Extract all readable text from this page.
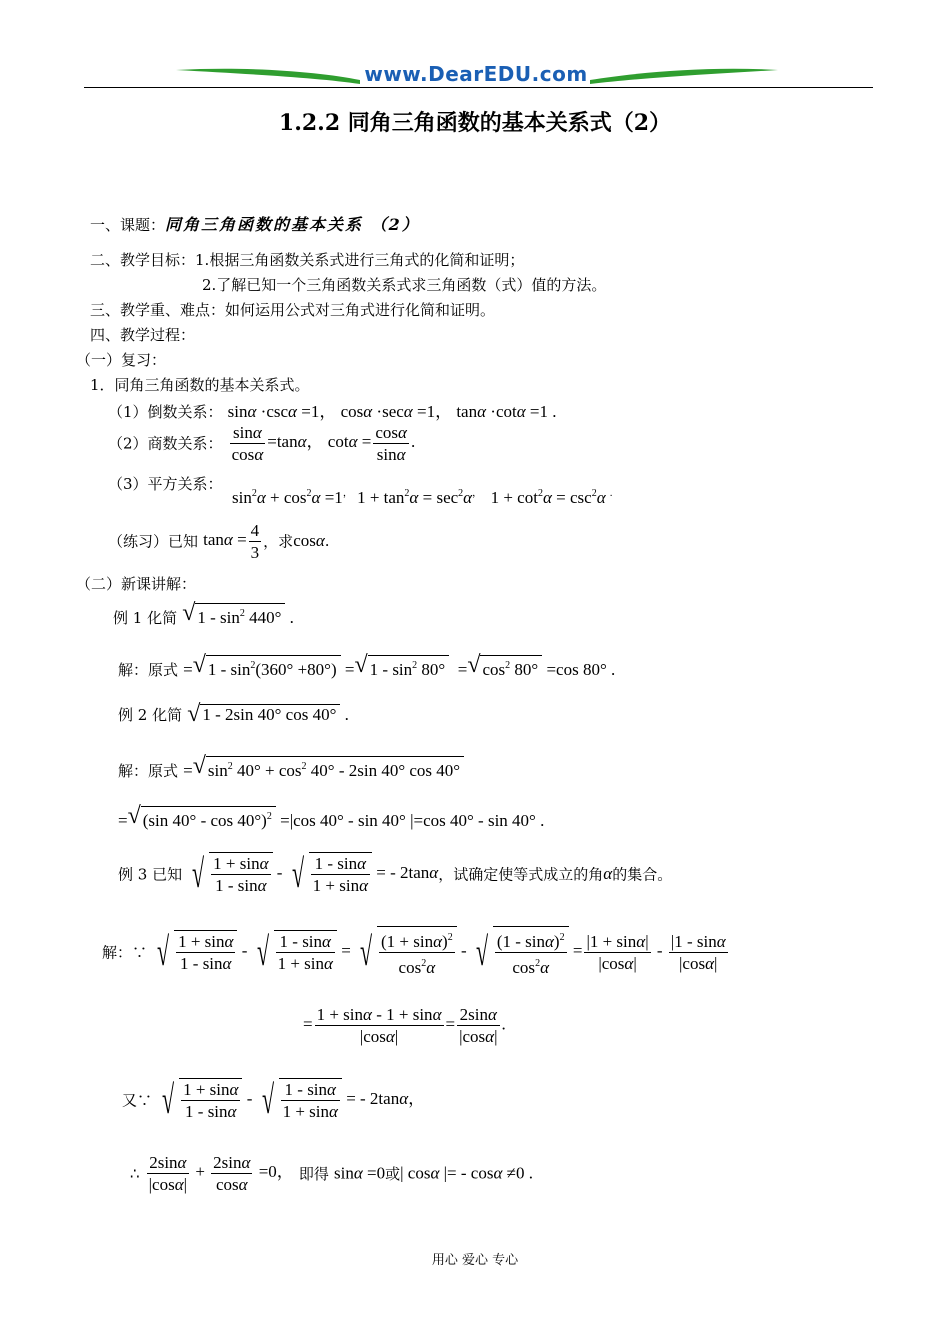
www.DearEDU.com
1.2.2 同角三角函数的基本关系式（2）
一、课题：同角三角函数的基本关系 （2）
二、教学目标：1.根据三角函数关系式进行三角式的化简和证明；
2.了解已知一个三角函数关系式求三角函数（式）值的方法。
三、教学重、难点：如何运用公式对三角式进行化简和证明。
四、教学过程：
（一）复习：
1．同角三角函数的基本关系式。
（1）倒数关系： sinα ·cscα =1， cosα ·secα =1， tanα ·cotα =1 .
（2）商数关系： $\frac{\sin\alpha}{\cos\alpha} =\tan\alpha$， $\cot\alpha = \frac{\cos\alpha}{\sin\alpha}$ .
（3）平方关系：
$\sin^2\alpha + \cos^2\alpha =1^,$ $1 + \tan^2\alpha = \sec^2\alpha^,$  $1 + \cot^2\alpha = \csc^2\alpha$ .
（练习）已知 $\tan\alpha = \frac{4}{3}$ ，求cosα.
（二）新课讲解：
例 1 化简 √ $1 - \sin^2 440^\circ$ .
解：原式 =√ $1 - \sin^2(360^\circ +80^\circ)$ =√ $1 - \sin^2 80^\circ$  =√ $\cos^2 80^\circ =\cos$ 80° .
例 2 化简 √ 1 - 2sin 40° cos 40° .
解：原式 =√ $\sin^2 40^\circ + \cos^2 40^\circ - 2\sin$ 40° cos 40°
=√ (sin 40° - cos 40°)$^2$ =|cos 40° - sin 40° |=cos 40° - sin 40° .
例 3 已知 √ $\frac{1 + \sin\alpha}{1 - \sin\alpha}$ - √ $\frac{1 - \sin\alpha}{1 + \sin\alpha}$ = - 2tanα，试确定使等式成立的角α的集合。
解：∵ √ $\frac{1 + \sin\alpha}{1 - \sin\alpha}$ - √ $\frac{1 - \sin\alpha}{1 + \sin\alpha}$ = √ $\frac{(1 + \sin\alpha)^2}{\cos^2\alpha}$ - √ $\frac{(1 - \sin\alpha)^2}{\cos^2\alpha} = \frac{|1 + \sin\alpha|}{|\cos\alpha|} - \frac{|1 - \sin\alpha}{|\cos\alpha|}$
= $\frac{1 + \sin\alpha - 1 + \sin\alpha}{|\cos\alpha|} = \frac{2\sin\alpha}{|\cos\alpha|}$ .
又∵ √ $\frac{1 + \sin\alpha}{1 - \sin\alpha}$ - √ $\frac{1 - \sin\alpha}{1 + \sin\alpha}$ = - 2tanα，
∴ $\frac{2\sin\alpha}{|\cos\alpha|} + \frac{2\sin\alpha}{\cos\alpha} =0$， 即得 sinα =0或| cosα |= - cosα ≠0 .
用心 爱心 专心
